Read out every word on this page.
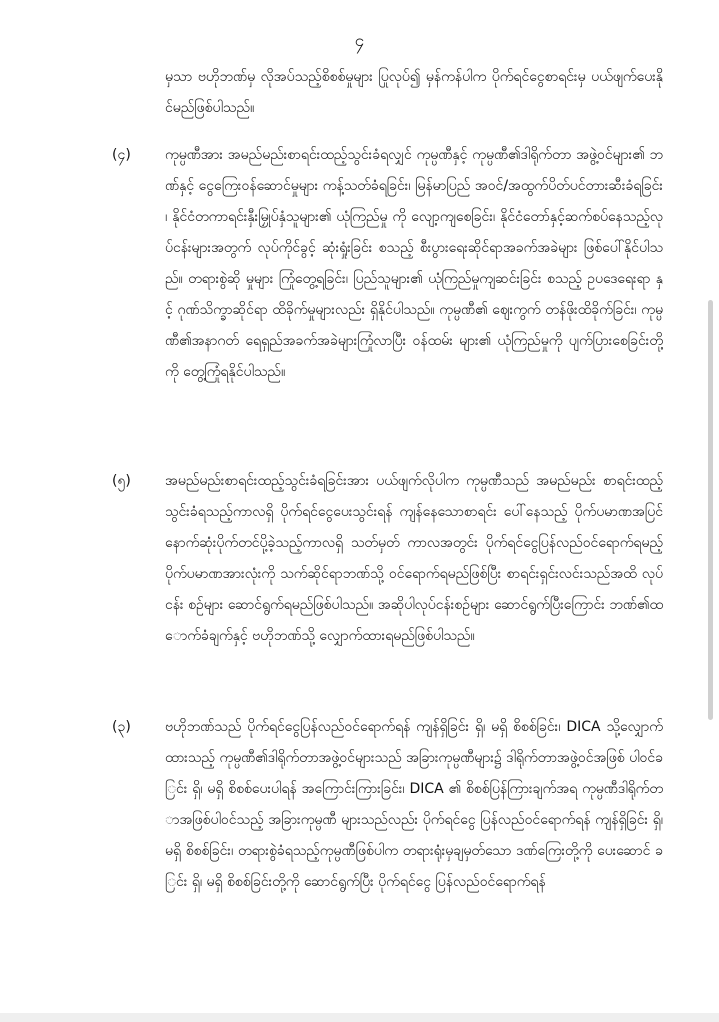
၄
မှသာ ဗဟိုဘဏ်မှ လိုအပ်သည့်စိစစ်မှုများ ပြုလုပ်၍ မှန်ကန်ပါက ပိုက်ရင်ငွေစာရင်းမှ ပယ်ဖျက်ပေးနိုင်မည်ဖြစ်ပါသည်။
(၄) ကုမ္ပဏီအား အမည်မည်းစာရင်းထည့်သွင်းခံရလျှင် ကုမ္ပဏီနှင့် ကုမ္ပဏီ၏ဒါရိုက်တာ အဖွဲ့ဝင်များ၏ ဘဏ်နှင့် ငွေကြေးဝန်ဆောင်မှုများ ကန့်သတ်ခံရခြင်း၊ မြန်မာပြည် အဝင်/အထွက်ပိတ်ပင်တားဆီးခံရခြင်း၊ နိုင်ငံတကာရင်းနှီးမြှုပ်နှံသူများ၏ ယုံကြည်မှု ကို လျော့ကျစေခြင်း၊ နိုင်ငံတော်နှင့်ဆက်စပ်နေသည့်လုပ်ငန်းများအတွက် လုပ်ကိုင်ခွင့် ဆုံးရှုံးခြင်း စသည့် စီးပွားရေးဆိုင်ရာအခက်အခဲများ ဖြစ်ပေါ်နိုင်ပါသည်။ တရားစွဲဆို မှုများ ကြုံတွေ့ရခြင်း၊ ပြည်သူများ၏ ယုံကြည်မှုကျဆင်းခြင်း စသည့် ဥပဒေရေးရာ နှင့် ဂုဏ်သိက္ခာဆိုင်ရာ ထိခိုက်မှုများလည်း ရှိနိုင်ပါသည်။ ကုမ္ပဏီ၏ ဈေးကွက် တန်ဖိုးထိခိုက်ခြင်း၊ ကုမ္ပဏီ၏အနာဂတ် ရေရှည်အခက်အခဲများကြုံလာပြီး ဝန်ထမ်း များ၏ ယုံကြည်မှုကို ပျက်ပြားစေခြင်းတို့ကို တွေ့ကြုံရနိုင်ပါသည်။
(၅) အမည်မည်းစာရင်းထည့်သွင်းခံရခြင်းအား ပယ်ဖျက်လိုပါက ကုမ္ပဏီသည် အမည်မည်း စာရင်းထည့်သွင်းခံရသည့်ကာလရှိ ပိုက်ရင်ငွေပေးသွင်းရန် ကျန်နေသောစာရင်း ပေါ်နေသည့် ပိုက်ပမာဏအပြင် နောက်ဆုံးပိုက်တင်ပို့ခဲ့သည့်ကာလရှိ သတ်မှတ် ကာလအတွင်း ပိုက်ရင်ငွေပြန်လည်ဝင်ရောက်ရမည့် ပိုက်ပမာဏအားလုံးကို သက်ဆိုင်ရာဘဏ်သို့ ဝင်ရောက်ရမည်ဖြစ်ပြီး စာရင်းရှင်းလင်းသည်အထိ လုပ်ငန်း စဉ်များ ဆောင်ရွက်ရမည်ဖြစ်ပါသည်။ အဆိုပါလုပ်ငန်းစဉ်များ ဆောင်ရွက်ပြီးကြောင်း ဘဏ်၏ထောက်ခံချက်နှင့် ဗဟိုဘဏ်သို့ လျှောက်ထားရမည်ဖြစ်ပါသည်။
(၃) ဗဟိုဘဏ်သည် ပိုက်ရင်ငွေပြန်လည်ဝင်ရောက်ရန် ကျန်ရှိခြင်း ရှိ၊ မရှိ စိစစ်ခြင်း၊ DICA သို့လျှောက်ထားသည့် ကုမ္ပဏီ၏ဒါရိုက်တာအဖွဲ့ဝင်များသည် အခြားကုမ္ပဏီများ၌ ဒါရိုက်တာအဖွဲ့ဝင်အဖြစ် ပါဝင်ခြင်း ရှိ၊ မရှိ စိစစ်ပေးပါရန် အကြောင်းကြားခြင်း၊ DICA ၏ စိစစ်ပြန်ကြားချက်အရ ကုမ္ပဏီဒါရိုက်တာအဖြစ်ပါဝင်သည့် အခြားကုမ္ပဏီ များသည်လည်း ပိုက်ရင်ငွေ ပြန်လည်ဝင်ရောက်ရန် ကျန်ရှိခြင်း ရှိ၊ မရှိ စိစစ်ခြင်း၊ တရားစွဲခံရသည့်ကုမ္ပဏီဖြစ်ပါက တရားရုံးမှချမှတ်သော ဒဏ်ကြေးတို့ကို ပေးဆောင် ခြင်း ရှိ၊ မရှိ စိစစ်ခြင်းတို့ကို ဆောင်ရွက်ပြီး ပိုက်ရင်ငွေ ပြန်လည်ဝင်ရောက်ရန်
